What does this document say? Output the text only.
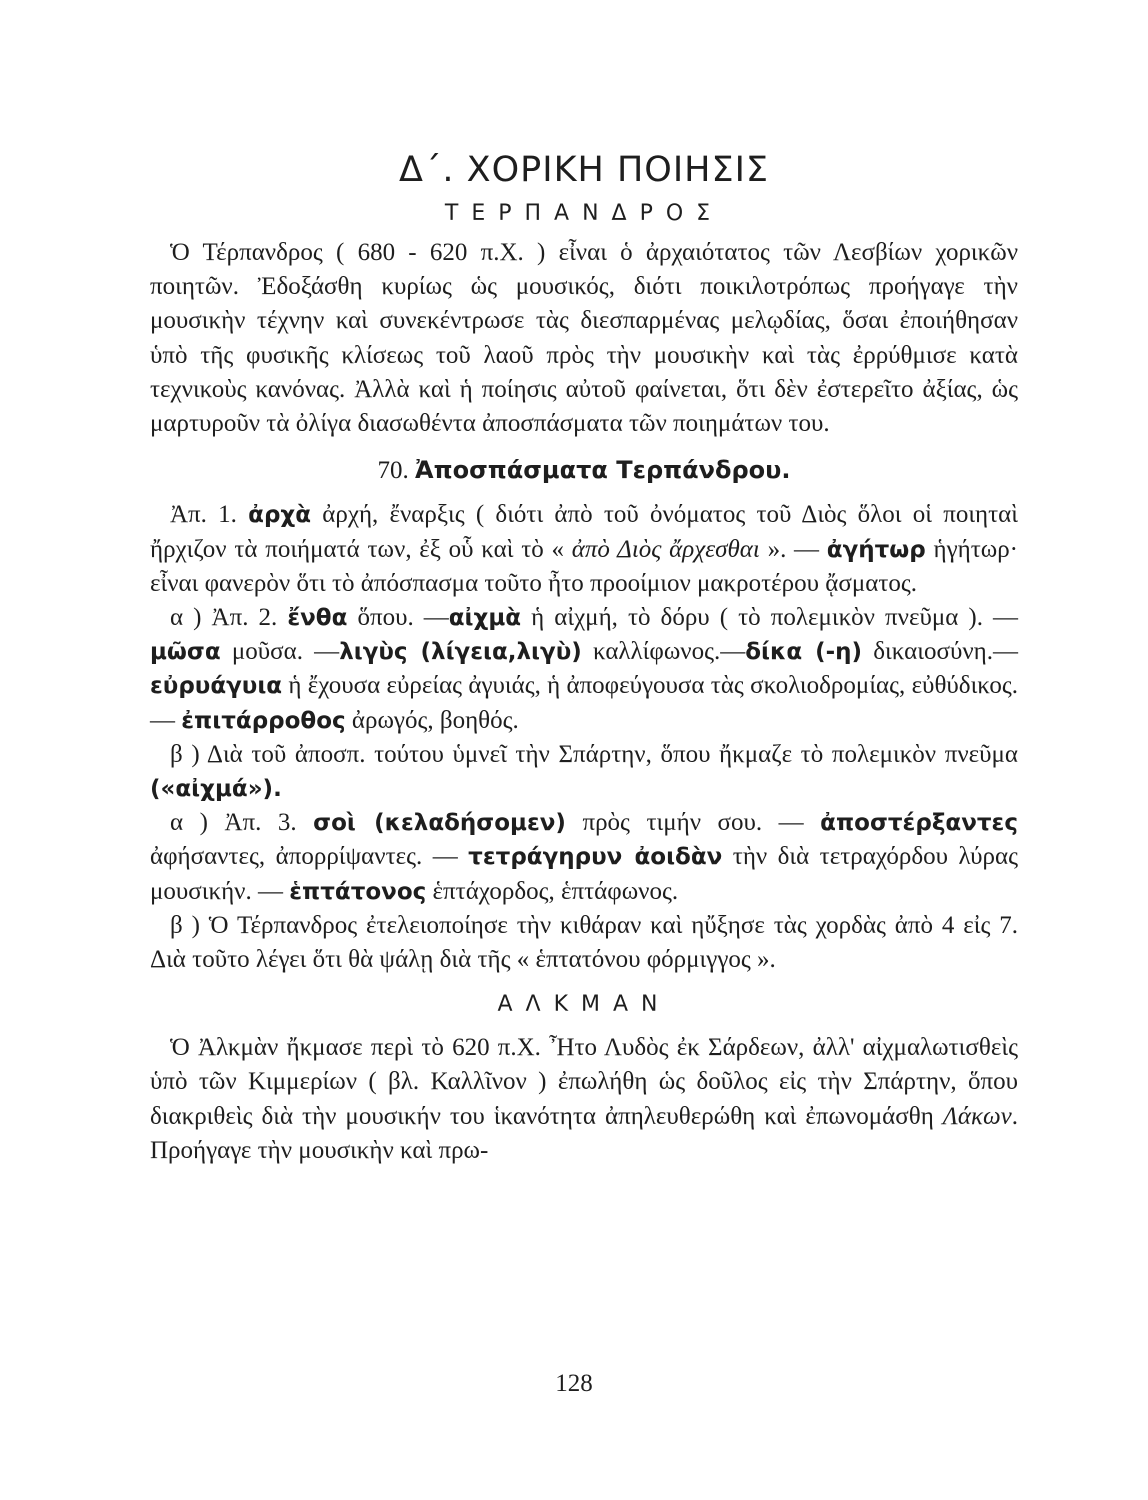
Δ΄. ΧΟΡΙΚΗ ΠΟΙΗΣΙΣ
ΤΕΡΠΑΝΔΡΟΣ

Ὁ Τέρπανδρος ( 680 - 620 π.Χ. ) εἶναι ὁ ἀρχαιότατος τῶν Λεσβίων χορικῶν ποιητῶν. Ἐδοξάσθη κυρίως ὡς μουσικός, διότι ποικιλοτρόπως προήγαγε τὴν μουσικὴν τέχνην καὶ συνεκέντρωσε τὰς διεσπαρμένας μελῳδίας, ὅσαι ἐποιήθησαν ὑπὸ τῆς φυσικῆς κλίσεως τοῦ λαοῦ πρὸς τὴν μουσικὴν καὶ τὰς ἐρρύθμισε κατὰ τεχνικοὺς κανόνας. Ἀλλὰ καὶ ἡ ποίησις αὐτοῦ φαίνεται, ὅτι δὲν ἐστερεῖτο ἀξίας, ὡς μαρτυροῦν τὰ ὀλίγα διασωθέντα ἀποσπάσματα τῶν ποιημάτων του.

70. Ἀποσπάσματα Τερπάνδρου.

Ἀπ. 1. ἀρχὰ ἀρχή, ἔναρξις ( διότι ἀπὸ τοῦ ὀνόματος τοῦ Διὸς ὅλοι οἱ ποιηταὶ ἤρχιζον τὰ ποιήματά των, ἐξ οὗ καὶ τὸ « ἀπὸ Διὸς ἄρχεσθαι ». — ἀγήτωρ ἡγήτωρ· εἶναι φανερὸν ὅτι τὸ ἀπόσπασμα τοῦτο ἦτο προοίμιον μακροτέρου ᾄσματος.

α ) Ἀπ. 2. ἔνθα ὅπου. —αἰχμὰ ἡ αἰχμή, τὸ δόρυ ( τὸ πολεμικὸν πνεῦμα ). — μῶσα μοῦσα. —λιγὺς (λίγεια,λιγὺ) καλλίφωνος.—δίκα (-η) δικαιοσύνη.—εὐρυάγυια ἡ ἔχουσα εὐρείας ἀγυιάς, ἡ ἀποφεύγουσα τὰς σκολιοδρομίας, εὐθύδικος. — ἐπιτάρροθος ἀρωγός, βοηθός.

β ) Διὰ τοῦ ἀποσπ. τούτου ὑμνεῖ τὴν Σπάρτην, ὅπου ἤκμαζε τὸ πολεμικὸν πνεῦμα («αἰχμά»).

α ) Ἀπ. 3. σοὶ (κελαδήσομεν) πρὸς τιμήν σου. — ἀποστέρξαντες ἀφήσαντες, ἀπορρίψαντες. — τετράγηρυν ἀοιδὰν τὴν διὰ τετραχόρδου λύρας μουσικήν. — ἑπτάτονος ἑπτάχορδος, ἑπτάφωνος.

β ) Ὁ Τέρπανδρος ἐτελειοποίησε τὴν κιθάραν καὶ ηὔξησε τὰς χορδὰς ἀπὸ 4 εἰς 7. Διὰ τοῦτο λέγει ὅτι θὰ ψάλῃ διὰ τῆς « ἑπτατόνου φόρμιγγος ».

ΑΛΚΜΑΝ

Ὁ Ἀλκμὰν ἤκμασε περὶ τὸ 620 π.Χ. Ἦτο Λυδὸς ἐκ Σάρδεων, ἀλλ' αἰχμαλωτισθεὶς ὑπὸ τῶν Κιμμερίων ( βλ. Καλλῖνον ) ἐπωλήθη ὡς δοῦλος εἰς τὴν Σπάρτην, ὅπου διακριθεὶς διὰ τὴν μουσικήν του ἱκανότητα ἀπηλευθερώθη καὶ ἐπωνομάσθη Λάκων. Προήγαγε τὴν μουσικὴν καὶ πρω-

128
